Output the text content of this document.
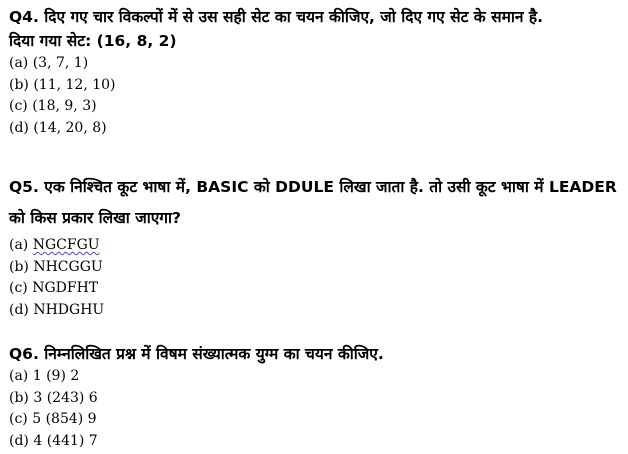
Q4. दिए गए चार विकल्पों में से उस सही सेट का चयन कीजिए, जो दिए गए सेट के समान है.
दिया गया सेट: (16, 8, 2)

(a) (3, 7, 1)
(b) (11, 12, 10)
(c) (18, 9, 3)
(d) (14, 20, 8)

Q5. एक निश्चित कूट भाषा में, BASIC को DDULE लिखा जाता है. तो उसी कूट भाषा में LEADER
को किस प्रकार लिखा जाएगा?

(a) NGCFGU
(b) NHCGGU
(c) NGDFHT
(d) NHDGHU

Q6. निम्नलिखित प्रश्न में विषम संख्यात्मक युग्म का चयन कीजिए.

(a) 1 (9) 2
(b) 3 (243) 6
(c) 5 (854) 9
(d) 4 (441) 7
